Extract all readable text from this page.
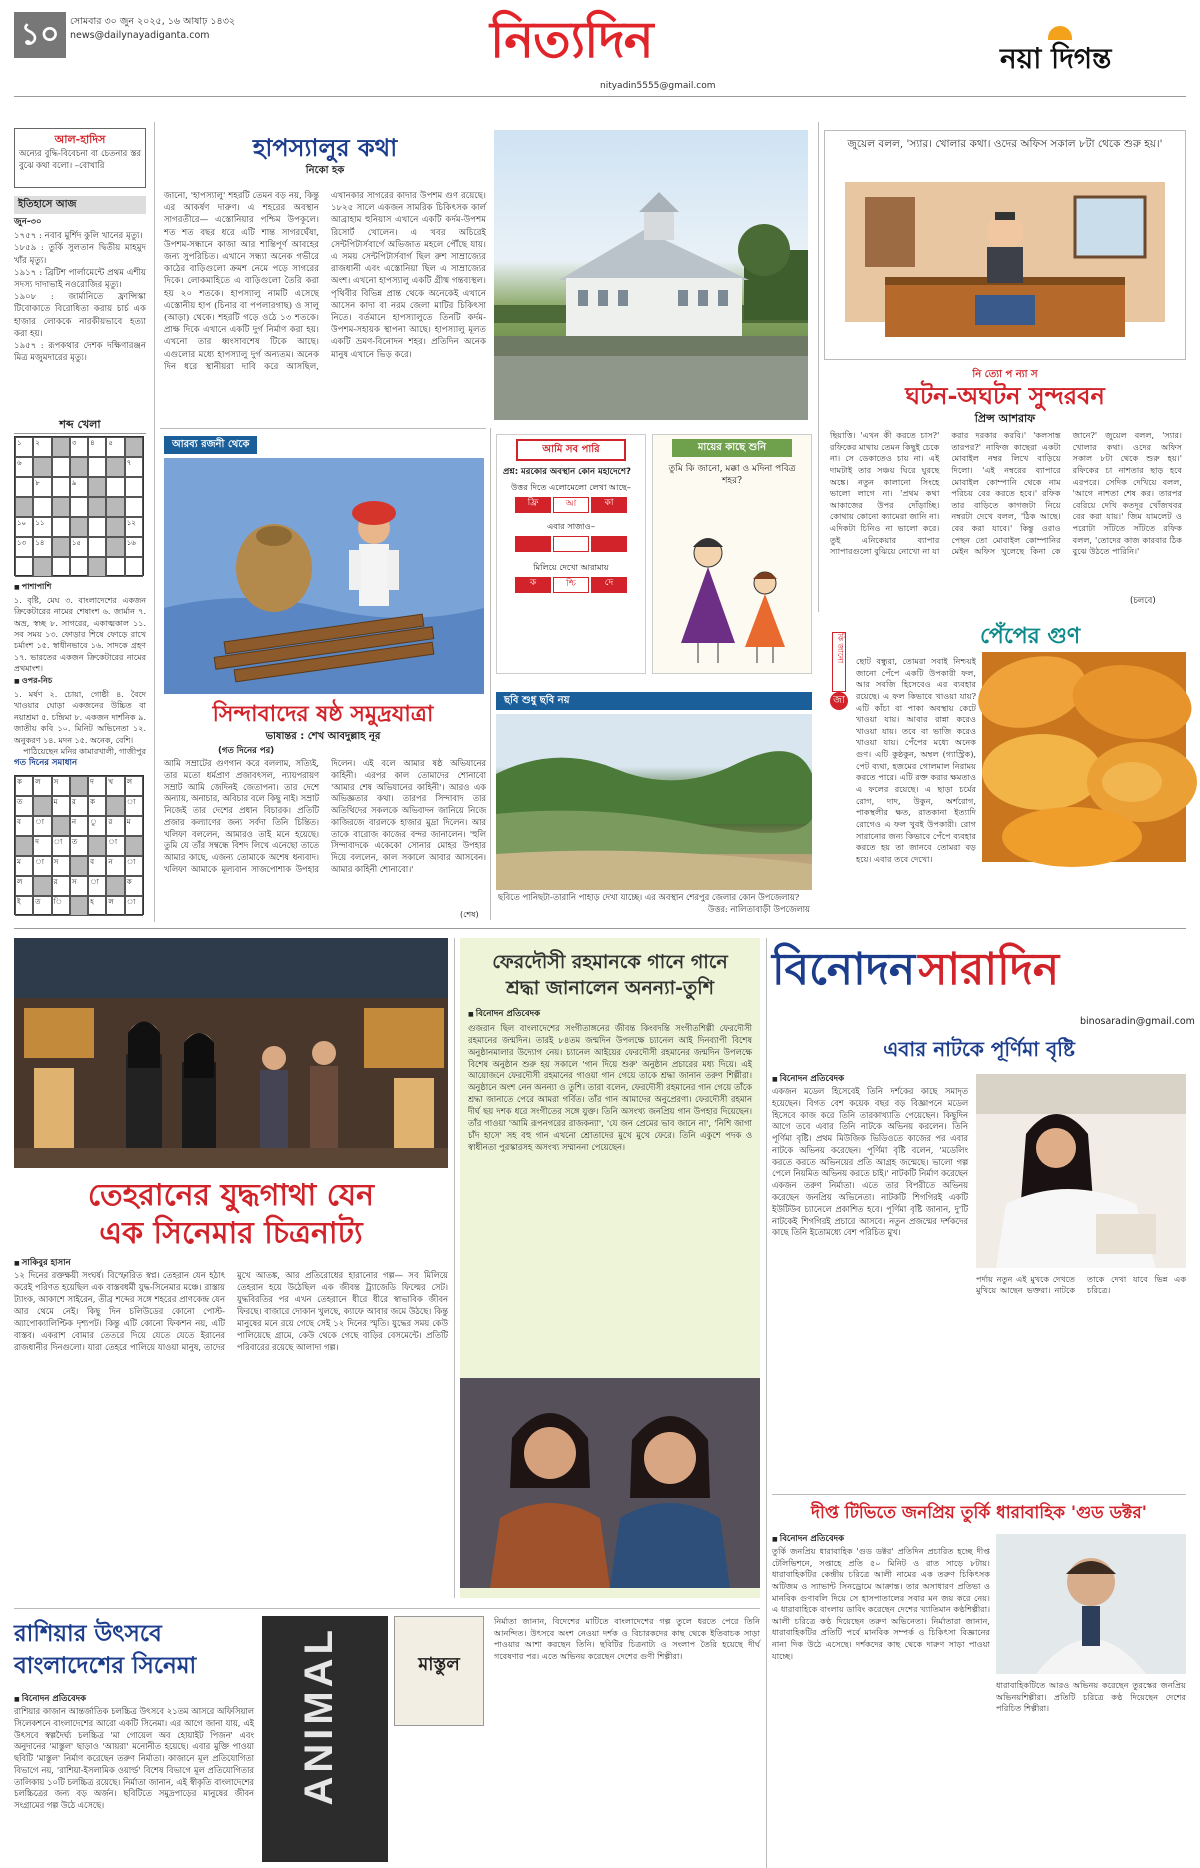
১০	সোমবার ৩০ জুন ২০২৫, ১৬ আষাঢ় ১৪৩২
news@dailynayadiganta.com	নিত্যদিন
nityadin5555@gmail.com
নয়া দিগন্ত
আল-হাদিস
অন্যের বুদ্ধি-বিবেচনা বা চেতনার স্তর বুঝে কথা বলো। –বোখারি
ইতিহাসে আজ
জুন-৩০
১৭৫৭ : নবাব মুর্শিদ কুলি খানের মৃত্যু।
১৮৫৯ : তুর্কি সুলতান দ্বিতীয় মাহমুদ খাঁর মৃত্যু।
১৯১৭ : ব্রিটিশ পার্লামেন্টে প্রথম এশীয় সদস্য দাদাভাই নওরোজির মৃত্যু।
১৯০৮ : জার্মানিতে ফ্রান্সিস্কা টিবোকাতে বিরোধিতা করায় চার্চ এক হাজার লোককে নারকীয়ভাবে হত্যা করা হয়।
১৯৫৭ : রূপকথার দেশক দক্ষিণারঞ্জন মিত্র মজুমদারের মৃত্যু।
শব্দ খেলা
১	২	৩	৪	৫
৬	৭
৮	৯
১০	১১	১২
১৩	১৪	১৫	১৬
■ পাশাপাশি
১. বৃষ্টি, মেঘ ৩. বাংলাদেশের একজন ক্রিকেটারের নামের শেষাংশ ৬. জার্মান ৭. অভ্র, স্বচ্ছ ৮. সাগরের, একাত্মকাল ১১. সব সময় ১৩. ফোড়ার শিষে ফোড়ে রাখে চর্মাংশ ১৫. স্বাধীনভাবে ১৬. সাদকে গ্রহণ ১৭. ভারতের একজন ক্রিকেটারের নামের প্রথমাংশ।
■ ওপর-নিচ
১. মর্ষণ ২. চোয়া, গোষ্ঠী ৪. বৈদে খাওয়ার ঘোড়া একজনের উচ্চিত বা নয়াশ্রমা ৫. চন্দ্রিমা ৮. একজন দার্শনিক ৯. জাতীয় কবি ১০. মিনিট অভিনেতা ১২. অনুকরণ ১৪. মদন ১৫. অনেক, বেশি।
পাঠিয়েছেন মনির কামারখালী, গাজীপুর
গত দিনের সমাধান
ক	ল	স	দ	খ	ল
ত	ম	র	ক	া
ব	া	ন	ু	র	ম
দ	া	ত	া
ম	া	স	ব	ন	া
ল	র	স	া	ক
ই	ত	ি	হ	ল	া
হাপস্যালুর কথা
নিকো হক
জানো, 'হাপস্যালু' শহরটি তেমন বড় নয়, কিন্তু এর আকর্ষণ দারুণ। এ শহরের অবস্থান সাগরতীরে— এস্তোনিয়ার পশ্চিম উপকূলে। শত শত বছর ধরে এটি শান্ত সাগরঘেঁষা, উপশম-সন্ধানে কাজা আর শান্তিপূর্ণ আবহের জন্য সুপরিচিত। এখানে সন্ধ্যা অনেক গভীরে কাঠের বাড়িগুলো ক্রমশ নেমে পড়ে সাগরের দিকে। লোকমাহিতে এ বাড়িগুলো তৈরি করা হয় ২০ শতকে। হাপস্যালু নামটি এসেছে এস্তোনীয় হাপ (চিনার বা পপলারগাছ) ও সালু (আড়া) থেকে। শহরটি গড়ে ওঠে ১৩ শতকে। প্রাক্ষ দিকে এখানে একটি দুর্গ নির্মাণ করা হয়। এখনো তার ধ্বংসাবশেষ টিকে আছে। এগুলোর মধ্যে হাপস্যালু দুর্গ অন্যতম। অনেক দিন ধরে স্থানীয়রা দাবি করে আসছিল, এখানকার সাগরের কাদার উপশম গুণ রয়েছে। ১৮২৫ সালে একজন সামরিক চিকিৎসক কার্ল আব্রাহাম হুনিয়াস এখানে একটি কর্দম-উপশম রিসোর্ট খোলেন। এ খবর অচিরেই সেন্টপিটার্সবার্গে অভিজাত মহলে পৌঁছে যায়। এ সময় সেন্টপিটার্সবার্গ ছিল রুশ সাম্রাজ্যের রাজধানী এবং এস্তোনিয়া ছিল এ সাম্রাজ্যের অংশ। এখনো হাপস্যালু একটি গ্রীষ্ম গন্তব্যস্থল। পৃথিবীর বিভিন্ন প্রান্ত থেকে অনেকেই এখানে আসেন কাদা বা নরম জেলা মাটির চিকিৎসা নিতে। বর্তমানে হাপস্যালুতে তিনটি কর্দম-উপশম-সহায়ক স্থাপনা আছে। হাপস্যালু মূলত একটি ভ্রমণ-বিনোদন শহর। প্রতিদিন অনেক মানুষ এখানে ভিড় করে।
জুয়েল বলল, 'স্যার। খোলার কথা। ওদের অফিস সকাল ৮টা থেকে শুরু হয়।'
নি ত্যো প ন্যা স
ঘটন-অঘটন সুন্দরবন
প্রিন্স আশরাফ
ছিয়াত্তি। 'এখন কী করতে চাস?' রফিকের মাথায় তেমন কিছুই চেকে না। সে ডেকাতেও চায় না। এই দামটাই তার সঞ্চয় ঘিরে ঘুরছে অঙ্কে। নতুন কালানো সিংহে ভালো লাগে না। 'প্রথম কথা আকাজের উপর দোঁড়াচ্ছি। কোথায় কোনো ক্যামেরা জানি না। এদিকটা চিনিও না ভালো করে। তুই এনিকেয়ার ব্যাপার স্যাপারগুলো বুঝিয়ে নোখো না যা করার দরকার করবি।' 'কলসান্ত তারপর?' নাফিজ কাছেরা একটা মোবাইল নম্বর লিখে বাড়িয়ে দিলো। 'এই নম্বরের ব্যাপারে মোবাইল কোম্পানি থেকে নাম পরিচয় বের করতে হবে।' রফিক তার বাড়িতে কাগজটা নিয়ে নম্বরটা দেখে বলল, 'ঠিক আছে। বের করা যাবে।' কিন্তু ওরাও পেছন তো মোবাইল কোম্পানির মেইন অফিস খুলেছে কিনা কে জানে?' জুয়েল বলল, 'স্যার। খোলার কথা। ওদের অফিস সকাল ৮টা থেকে শুরু হয়।' রফিকের চা নাশতার ছাড় হবে এরপরে। সেদিক দেখিয়ে বলল, 'আগে নাশতা শেষ কর। তারপর বেরিয়ে দেখি কতদূর খোঁজখবর বের করা যায়।' জিম যামলেট ও পরোটা সাঁটতে সাঁটতে রফিক বলল, 'তোদের কাজ কারবার ঠিক বুঝে উঠতে পারিনি।'
(চলবে)
আরব্য রজনী থেকে
সিন্দাবাদের ষষ্ঠ সমুদ্রযাত্রা
ভাষান্তর : শেখ আবদুল্লাহ নূর
(গত দিনের পর)
আমি সম্রাটের গুণগান করে বললাম, সত্যিই, তার মতো ধর্মপ্রাণ প্রজাবৎসল, ন্যায়পরায়ণ সম্রাট আমি জেদিনই জেতাপনা। তার দেশে অন্যায়, অনাচার, অবিচার বলে কিছু নাই। সম্রাট নিজেই তার দেশের প্রধান বিচারক। প্রতিটি প্রজার কল্যাণের জন্য সর্বদা তিনি চিন্তিত। খলিফা বললেন, আমারও তাই মনে হয়েছে। তুমি যে তাঁর সম্বন্ধে বিশদ লিখে এনেছো তাতে আমার কাছে, এজন্য তোমাকে অশেষ ধন্যবাদ। খলিফা আমাকে মূল্যবান সাজপোশাক উপহার দিলেন। এই বলে আমার ষষ্ঠ অভিযানের কাহিনী। এরপর কাল তোমাদের শোনাবো 'আমার শেষ অভিযানের কাহিনী'। আরও এক অভিজ্ঞতার কথা। তারপর সিন্দাবাদ তার অতিথিদের সকলকে অভিবাদন জানিয়ে নিজে কাজিরজে বারলকে হাজার মুদ্রা দিলেন। আর তাকে বারোজ কাজের বন্দর জানালেন। 'হুলি সিন্দাবাদকে একেকো সোনার মোহর উপহার দিয়ে বললেন, কাল সকালে আবার আসবেন। আমার কাহিনী শোনাবো।'
(শেষ)
আমি সব পারি
প্রশ্ন: মরকোর অবস্থান কোন মহাদেশে?
উত্তর দিতে এলোমেলো লেখা আছে–
ফ্রি	আ	কা
এবার সাজাও–
মিলিয়ে দেখো আরামায়
ক	শ্চি	দে
মায়ের কাছে শুনি
তুমি কি জানো, মক্কা ও মদিনা পবিত্র শহর?
ছবি শুধু ছবি নয়
ছবিতে পানিছটা-তারানি পাহাড় দেখা যাচ্ছে। এর অবস্থান শেরপুর জেলার কোন উপজেলায়?
উত্তর: নালিতাবাড়ী উপজেলায়
পেঁপের গুণ
কি জানো
জা
ছোট বন্ধুরা, তোমরা সবাই নিশ্চয়ই জানো পেঁপে একটি উপকারী ফল, আর সবজি হিসেবেও এর ব্যবহার রয়েছে। এ ফল কিভাবে খাওয়া যায়? এটি কাঁচা বা পাকা অবস্থায় কেটে খাওয়া যায়। আবার রান্না করেও খাওয়া যায়। তবে বা ভাজি করেও খাওয়া যায়। পেঁপের মধ্যে অনেক গুণ। এটি কুষ্ঠকুন, অম্বল (গ্যাস্ট্রিক), পেট ব্যথা, হজমের গোলমাল নিরাময় করতে পারে। এটি রক্ত করার ক্ষমতাও এ ফলের রয়েছে। এ ছাড়া চর্মের রোগ, দাদ, উকুন, অর্শরোগ, পাকস্থলীর ক্ষত, রাতকানা ইত্যাদি রোগেও এ ফল খুবই উপকারী। রোগ সারানোর জন্য কিভাবে পেঁপে ব্যবহার করতে হয় তা জানবে তোমরা বড় হয়ে। এবার তবে দেখো।
তেহরানের যুদ্ধগাথা যেন
এক সিনেমার চিত্রনাট্য
■ সাকিবুর হাসান
১২ দিনের রক্তক্ষয়ী সংঘর্ষ। বিস্ফোরিত স্বপ্ন। তেহরান যেন হঠাৎ করেই পরিণত হয়েছিল এক বাস্তবধর্মী যুদ্ধ-সিনেমার মঞ্চে। রাস্তায় ট্যাংক, আকাশে সাইরেন, তীব্র শব্দের সঙ্গে শহরের প্রাণকেন্দ্র যেন আর থেমে নেই। কিছু দিন চলিউডের কোনো পোস্ট-অ্যাপোক্যালিপ্টিক দৃশ্যপট। কিন্তু এটি কোনো ফিকশন নয়, এটি বাস্তব। একরাশ বোমার তেতরে দিয়ে যেতে যেতে ইরানের রাজধানীর দিনগুলো। যারা তেহরে পালিয়ে যাওয়া মানুষ, তাদের মুখে আতঙ্ক, আর প্রতিরোধের হারানোর গল্প— সব মিলিয়ে তেহরান হয়ে উঠেছিল এক জীবন্ত ট্র্যাজেডি ফিল্মের সেট। যুদ্ধবিরতির পর এখন তেহরানে ধীরে ধীরে স্বাভাবিক জীবন ফিরছে। বাজারে দোকান খুলছে, ক্যাফে আবার জমে উঠছে। কিন্তু মানুষের মনে রয়ে গেছে সেই ১২ দিনের স্মৃতি। যুদ্ধের সময় কেউ পালিয়েছে গ্রামে, কেউ থেকে গেছে বাড়ির বেসমেন্টে। প্রতিটি পরিবারের রয়েছে আলাদা গল্প।
ফেরদৌসী রহমানকে গানে গানে
শ্রদ্ধা জানালেন অনন্যা-তুশি
■ বিনোদন প্রতিবেদক
গুজরান ছিল বাংলাদেশের সংগীতাঙ্গনের জীবন্ত কিংবদন্তি সংগীতশিল্পী ফেরদৌসী রহমানের জন্মদিন। তারই ৮৪তম জন্মদিন উপলক্ষে চ্যানেল আই দিনব্যাপী বিশেষ অনুষ্ঠানমালার উদ্যোগ নেয়। চ্যানেল আইয়ের ফেরদৌসী রহমানের জন্মদিন উপলক্ষে বিশেষ অনুষ্ঠান শুরু হয় সকালে 'গান দিয়ে শুরু' অনুষ্ঠান প্রচারের মধ্য দিয়ে। এই আয়োজনে ফেরদৌসী রহমানের গাওয়া গান গেয়ে তাকে শ্রদ্ধা জানান তরুণ শিল্পীরা। অনুষ্ঠানে অংশ নেন অনন্যা ও তুশি। তারা বলেন, ফেরদৌসী রহমানের গান গেয়ে তাঁকে শ্রদ্ধা জানাতে পেরে আমরা গর্বিত। তাঁর গান আমাদের অনুপ্রেরণা। ফেরদৌসী রহমান দীর্ঘ ছয় দশক ধরে সংগীতের সঙ্গে যুক্ত। তিনি অসংখ্য জনপ্রিয় গান উপহার দিয়েছেন। তাঁর গাওয়া 'আমি রূপনগরের রাজকন্যা', 'যে জন প্রেমের ভাব জানে না', 'নিশি জাগা চাঁদ হাসে' সহ বহু গান এখনো শ্রোতাদের মুখে মুখে ফেরে। তিনি একুশে পদক ও স্বাধীনতা পুরস্কারসহ অসংখ্য সম্মাননা পেয়েছেন।
বিনোদন সারাদিন
binosaradin@gmail.com
এবার নাটকে পূর্ণিমা বৃষ্টি
■ বিনোদন প্রতিবেদক
একজন মডেল হিসেবেই তিনি দর্শকের কাছে সমাদৃত হয়েছেন। বিগত বেশ কয়েক বছর বড় বিজ্ঞাপনে মডেল হিসেবে কাজ করে তিনি তারকাখ্যাতি পেয়েছেন। কিছুদিন আগে তবে এবার তিনি নাটকে অভিনয় করলেন। তিনি পূর্ণিমা বৃষ্টি। প্রথম মিউজিক ভিডিওতে কাজের পর এবার নাটকে অভিনয় করেছেন। পূর্ণিমা বৃষ্টি বলেন, 'মডেলিং করতে করতে অভিনয়ের প্রতি আগ্রহ জন্মেছে। ভালো গল্প পেলে নিয়মিত অভিনয় করতে চাই।' নাটকটি নির্মাণ করেছেন একজন তরুণ নির্মাতা। এতে তার বিপরীতে অভিনয় করেছেন জনপ্রিয় অভিনেতা। নাটকটি শিগগিরই একটি ইউটিউব চ্যানেলে প্রকাশিত হবে। পূর্ণিমা বৃষ্টি জানান, দু'টি নাটকেই শিগগিরই প্রচারে আসবে। নতুন প্রজন্মের দর্শকদের কাছে তিনি ইতোমধ্যে বেশ পরিচিত মুখ।
পর্দায় নতুন এই মুখকে দেখতে মুখিয়ে আছেন ভক্তরা। নাটকে তাকে দেখা যাবে ভিন্ন এক চরিত্রে।
দীপ্ত টিভিতে জনপ্রিয় তুর্কি ধারাবাহিক 'গুড ডক্টর'
■ বিনোদন প্রতিবেদক
তুর্কি জনপ্রিয় ধারাবাহিক 'গুড ডক্টর' প্রতিদিন প্রচারিত হচ্ছে দীপ্ত টেলিভিশনে, সপ্তাহে প্রতি ৫০ মিনিট ও রাত সাড়ে ৮টায়। ধারাবাহিকটির কেন্দ্রীয় চরিত্রে আলী নামের এক তরুণ চিকিৎসক অটিজম ও স্যাভান্ট সিনড্রোমে আক্রান্ত। তার অসাধারণ প্রতিভা ও মানবিক গুণাবলি দিয়ে সে হাসপাতালের সবার মন জয় করে নেয়। এ ধারাবাহিকে বাংলায় ডাবিং করেছেন দেশের খ্যাতিমান কণ্ঠশিল্পীরা। আলী চরিত্রে কণ্ঠ দিয়েছেন তরুণ অভিনেতা। নির্মাতারা জানান, ধারাবাহিকটির প্রতিটি পর্বে মানবিক সম্পর্ক ও চিকিৎসা বিজ্ঞানের নানা দিক উঠে এসেছে। দর্শকদের কাছ থেকে দারুণ সাড়া পাওয়া যাচ্ছে।
ধারাবাহিকটিতে আরও অভিনয় করেছেন তুরস্কের জনপ্রিয় অভিনয়শিল্পীরা। প্রতিটি চরিত্রে কণ্ঠ দিয়েছেন দেশের পরিচিত শিল্পীরা।
রাশিয়ার উৎসবে
বাংলাদেশের সিনেমা
■ বিনোদন প্রতিবেদক
রাশিয়ার কাজান আন্তর্জাতিক চলচ্চিত্র উৎসবে ২১তম আসরে অফিসিয়াল সিলেকশনে বাংলাদেশের আরো একটি সিনেমা। এর আগে জানা যায়, এই উৎসবে স্বল্পদৈর্ঘ্য চলচ্চিত্র 'মা গোয়েল অব হোয়াইট পিজন' এবং অনুদানের 'মাস্তুল' ছাড়াও 'আয়রা' মনোনীত হয়েছে। এবার মুক্তি পাওয়া ছবিটি 'মাস্তুল' নির্মাণ করেছেন তরুণ নির্মাতা। কাজানে মূল প্রতিযোগিতা বিভাগে নয়, 'রাশিয়া-ইসলামিক ওয়ার্ল্ড' বিশেষ বিভাগে মূল প্রতিযোগিতার তালিকায় ১০টি চলচ্চিত্র রয়েছে। নির্মাতা জানান, এই স্বীকৃতি বাংলাদেশের চলচ্চিত্রের জন্য বড় অর্জন। ছবিটিতে সমুদ্রপাড়ের মানুষের জীবন সংগ্রামের গল্প উঠে এসেছে।	ANIMAL	মাস্তুল
নির্মাতা জানান, বিদেশের মাটিতে বাংলাদেশের গল্প তুলে ধরতে পেরে তিনি আনন্দিত। উৎসবে অংশ নেওয়া দর্শক ও বিচারকদের কাছ থেকে ইতিবাচক সাড়া পাওয়ার আশা করছেন তিনি। ছবিটির চিত্রনাট্য ও সংলাপ তৈরি হয়েছে দীর্ঘ গবেষণার পর। এতে অভিনয় করেছেন দেশের গুণী শিল্পীরা।
